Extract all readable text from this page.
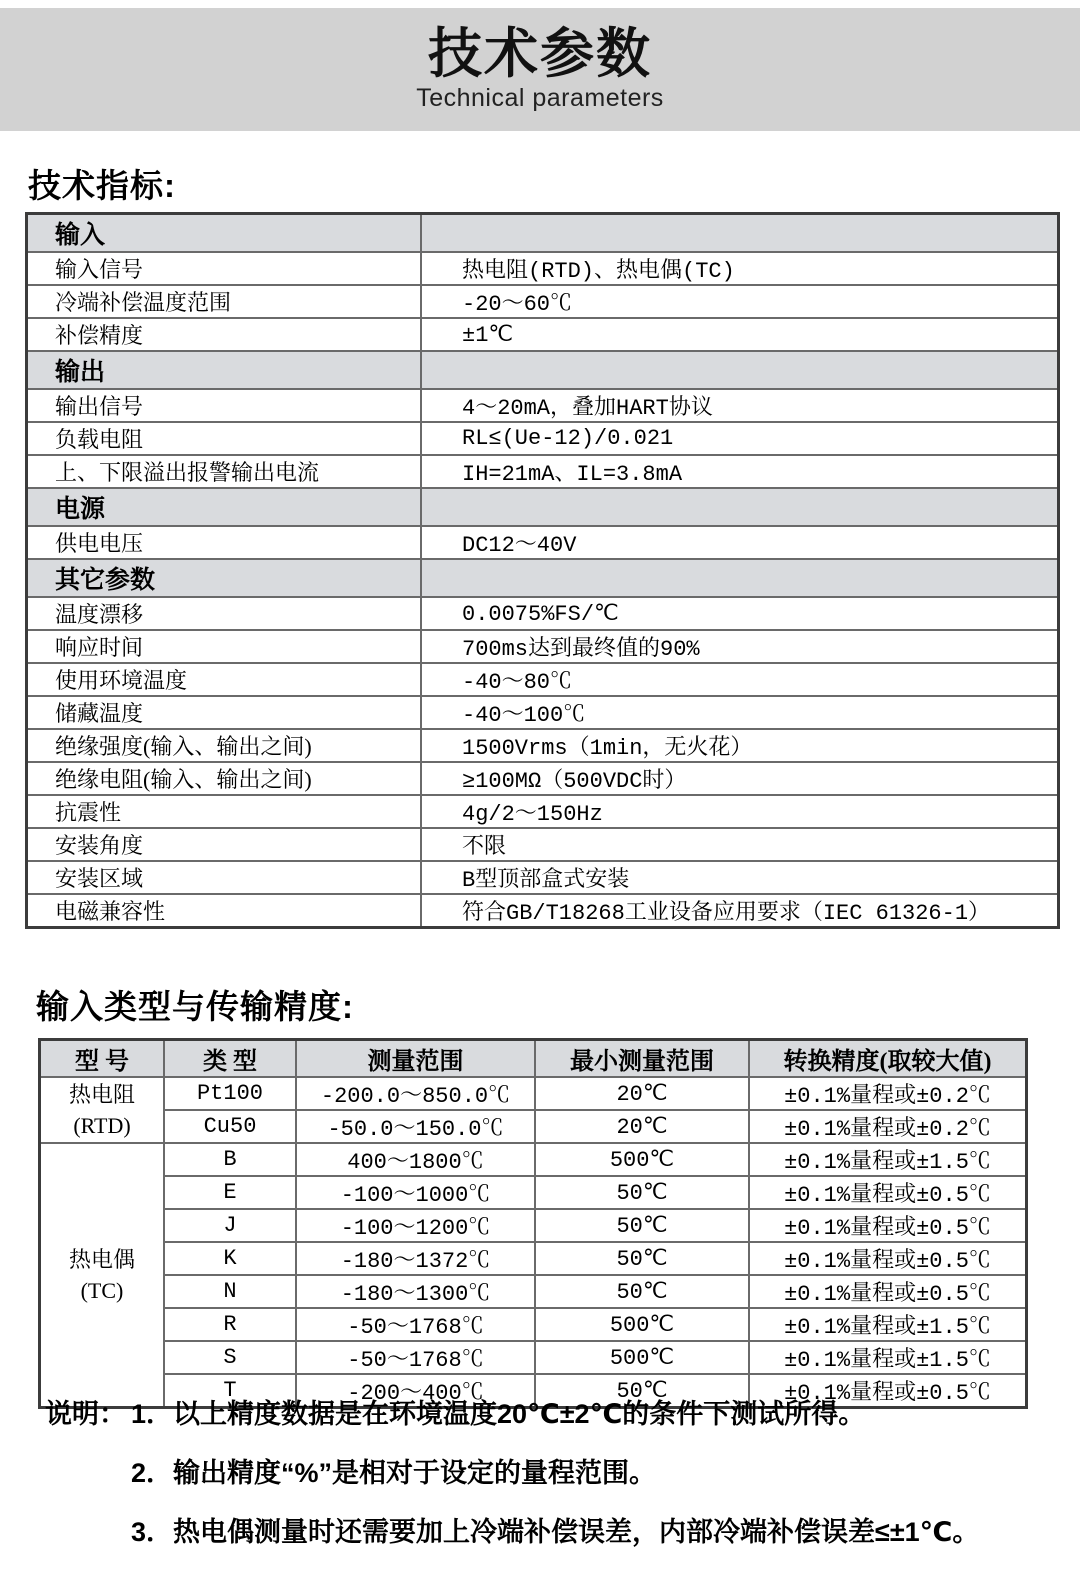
技术参数
Technical parameters
技术指标:
输入	
输入信号	热电阻(RTD)、热电偶(TC)
冷端补偿温度范围	-20～60℃
补偿精度	±1℃
输出	
输出信号	4～20mA，叠加HART协议
负载电阻	RL≤(Ue-12)/0.021
上、下限溢出报警输出电流	IH=21mA、IL=3.8mA
电源	
供电电压	DC12～40V
其它参数	
温度漂移	0.0075%FS/℃
响应时间	700ms达到最终值的90%
使用环境温度	-40～80℃
储藏温度	-40～100℃
绝缘强度(输入、输出之间)	1500Vrms（1min，无火花）
绝缘电阻(输入、输出之间)	≥100MΩ（500VDC时）
抗震性	4g/2～150Hz
安装角度	不限
安装区域	B型顶部盒式安装
电磁兼容性	符合GB/T18268工业设备应用要求（IEC 61326-1）
输入类型与传输精度:
型 号	类 型	测量范围	最小测量范围	转换精度(取较大值)

热电阻
(RTD)	Pt100	-200.0～850.0℃	20℃	±0.1%量程或±0.2℃
	Cu50	-50.0～150.0℃	20℃	±0.1%量程或±0.2℃

热电偶
(TC)	B	400～1800℃	500℃	±0.1%量程或±1.5℃
	E	-100～1000℃	50℃	±0.1%量程或±0.5℃
	J	-100～1200℃	50℃	±0.1%量程或±0.5℃
	K	-180～1372℃	50℃	±0.1%量程或±0.5℃
	N	-180～1300℃	50℃	±0.1%量程或±0.5℃
	R	-50～1768℃	500℃	±0.1%量程或±1.5℃
	S	-50～1768℃	500℃	±0.1%量程或±1.5℃
	T	-200～400℃	50℃	±0.1%量程或±0.5℃
说明： 1．以上精度数据是在环境温度20℃±2℃的条件下测试所得。
2．输出精度“%”是相对于设定的量程范围。
3．热电偶测量时还需要加上冷端补偿误差，内部冷端补偿误差≤±1℃。
